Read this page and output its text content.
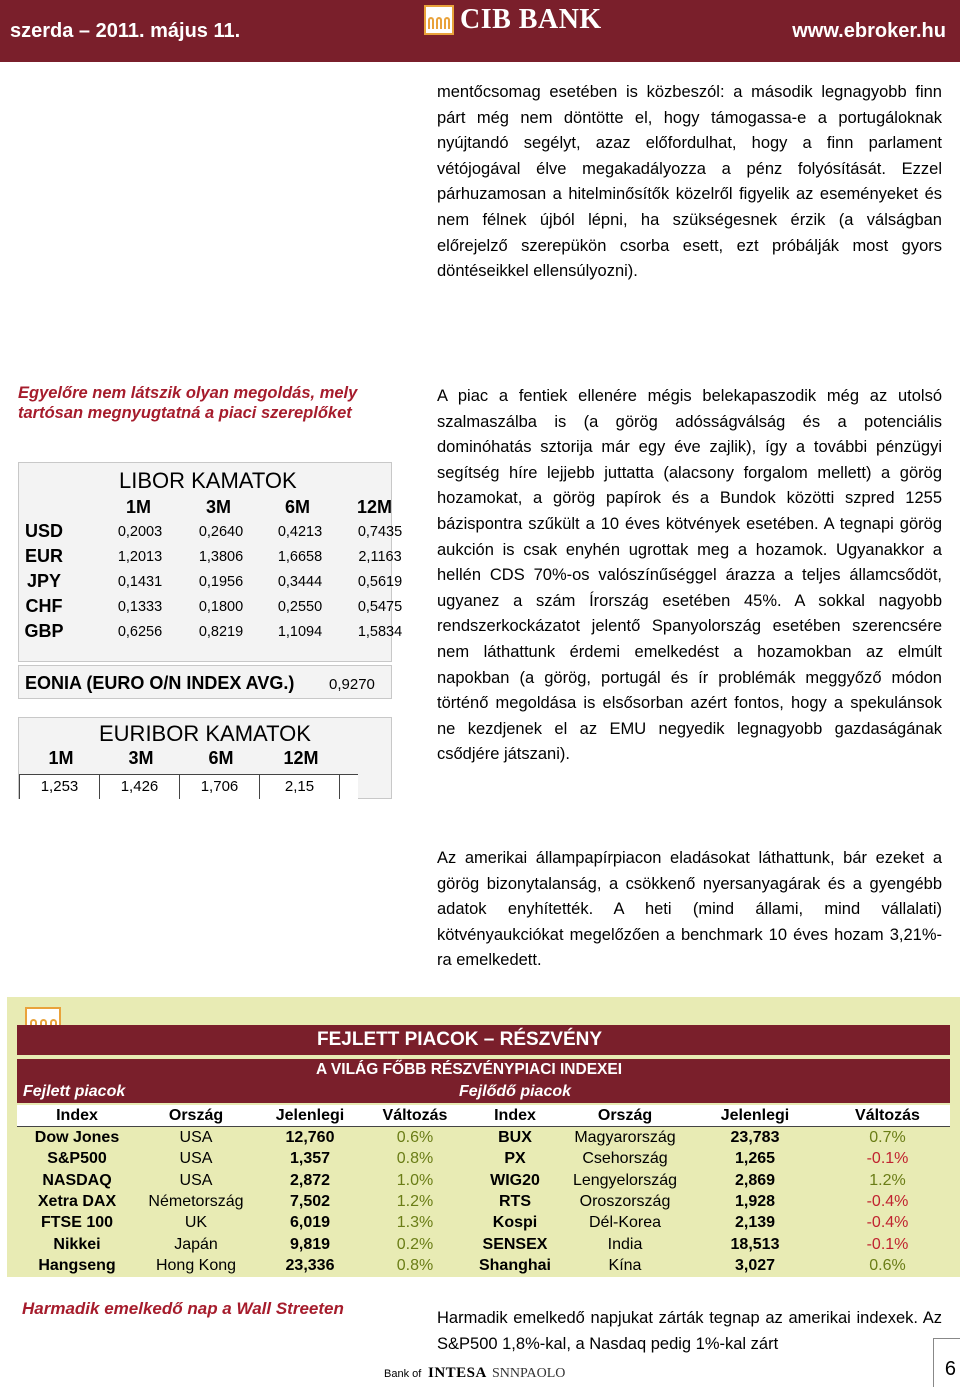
szerda – 2011. május 11.	CIB BANK	www.ebroker.hu
mentőcsomag esetében is közbeszól: a második legnagyobb finn párt még nem döntötte el, hogy támogassa-e a portugáloknak nyújtandó segélyt, azaz előfordulhat, hogy a finn parlament vétójogával élve megakadályozza a pénz folyósítását. Ezzel párhuzamosan a hitelminősítők közelről figyelik az eseményeket és nem félnek újból lépni, ha szükségesnek érzik (a válságban előrejelző szerepükön csorba esett, ezt próbálják most gyors döntéseikkel ellensúlyozni).
Egyelőre nem látszik olyan megoldás, mely tartósan megnyugtatná a piaci szereplőket
A piac a fentiek ellenére mégis belekapaszodik még az utolsó szalmaszálba is (a görög adósságválság és a potenciális dominóhatás sztorija már egy éve zajlik), így a további pénzügyi segítség híre lejjebb juttatta (alacsony forgalom mellett) a görög hozamokat, a görög papírok és a Bundok közötti szpred 1255 bázispontra szűkült a 10 éves kötvények esetében. A tegnapi görög aukción is csak enyhén ugrottak meg a hozamok. Ugyanakkor a hellén CDS 70%-os valószínűséggel árazza a teljes államcsődöt, ugyanez a szám Írország esetében 45%. A sokkal nagyobb rendszerkockázatot jelentő Spanyolország esetében szerencsére nem láthattunk érdemi emelkedést a hozamokban az elmúlt napokban (a görög, portugál és ír problémák meggyőző módon történő megoldása is elsősorban azért fontos, hogy a spekulánsok ne kezdjenek el az EMU negyedik legnagyobb gazdaságának csődjére játszani).
Az amerikai állampapírpiacon eladásokat láthattunk, bár ezeket a görög bizonytalanság, a csökkenő nyersanyagárak és a gyengébb adatok enyhítették. A heti (mind állami, mind vállalati) kötvényaukciókat megelőzően a benchmark 10 éves hozam 3,21%-ra emelkedett.
LIBOR KAMATOK
1M	3M	6M	12M
USD	0,2003	0,2640	0,4213	0,7435
EUR	1,2013	1,3806	1,6658	2,1163
JPY	0,1431	0,1956	0,3444	0,5619
CHF	0,1333	0,1800	0,2550	0,5475
GBP	0,6256	0,8219	1,1094	1,5834
EONIA (EURO O/N INDEX AVG.) 0,9270
EURIBOR KAMATOK
1M	3M	6M	12M
1,253	1,426	1,706	2,15
FEJLETT PIACOK – RÉSZVÉNY
A VILÁG FŐBB RÉSZVÉNYPIACI INDEXEI
Fejlett piacok	Fejlődő piacok
Index	Ország	Jelenlegi	Változás	Index	Ország	Jelenlegi	Változás
Dow Jones	USA	12,760	0.6%	BUX	Magyarország	23,783	0.7%
S&P500	USA	1,357	0.8%	PX	Csehország	1,265	-0.1%
NASDAQ	USA	2,872	1.0%	WIG20	Lengyelország	2,869	1.2%
Xetra DAX	Németország	7,502	1.2%	RTS	Oroszország	1,928	-0.4%
FTSE 100	UK	6,019	1.3%	Kospi	Dél-Korea	2,139	-0.4%
Nikkei	Japán	9,819	0.2%	SENSEX	India	18,513	-0.1%
Hangseng	Hong Kong	23,336	0.8%	Shanghai	Kína	3,027	0.6%
Harmadik emelkedő nap a Wall Streeten	Harmadik emelkedő napjukat zárták tegnap az amerikai indexek. Az S&P500 1,8%-kal, a Nasdaq pedig 1%-kal zárt
Bank of INTESA SNNPAOLO	6
